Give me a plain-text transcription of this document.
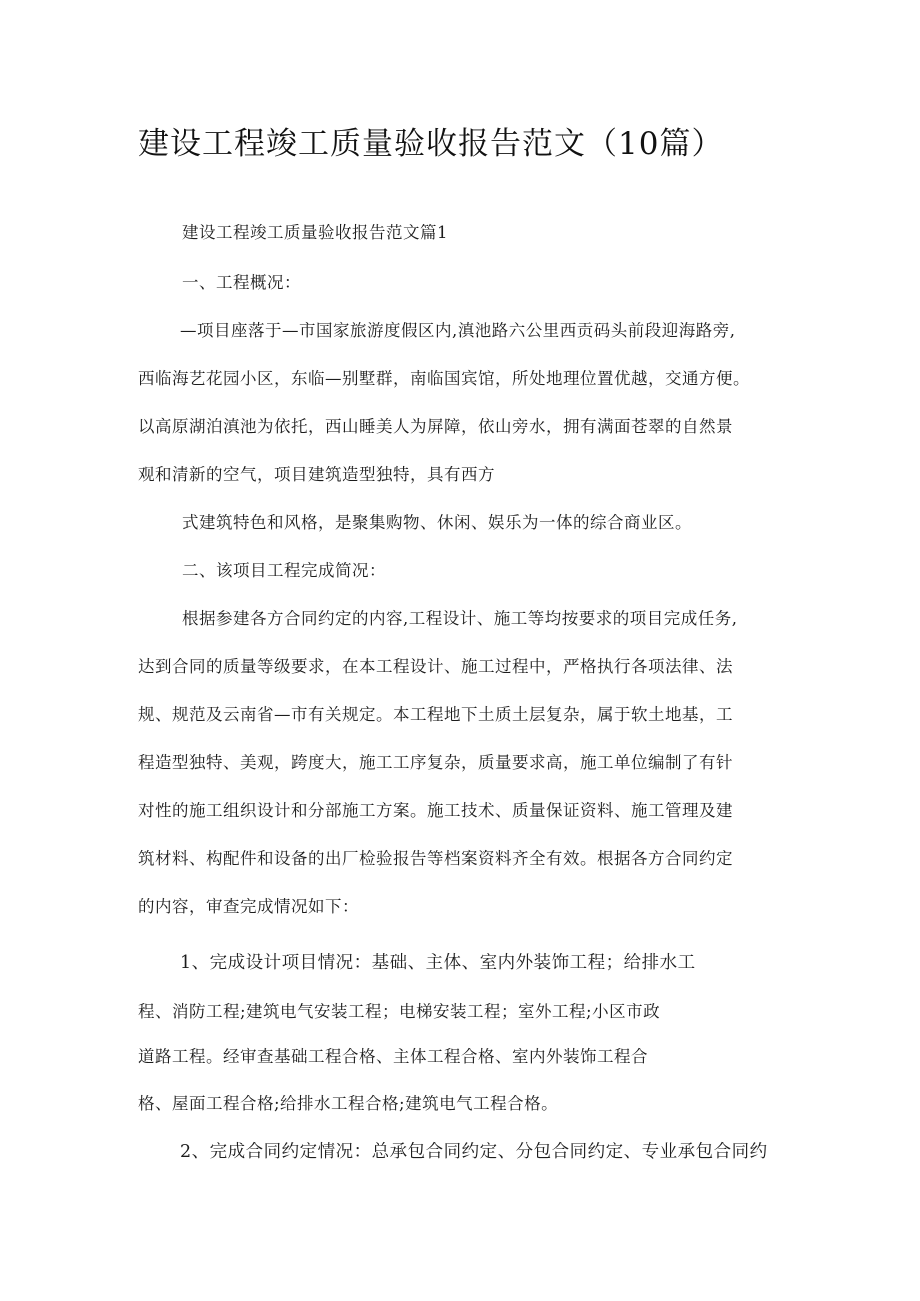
建设工程竣工质量验收报告范文（10篇）
建设工程竣工质量验收报告范文篇1
一、工程概况：
—项目座落于—市国家旅游度假区内,滇池路六公里西贡码头前段迎海路旁,
西临海艺花园小区，东临—别墅群，南临国宾馆，所处地理位置优越，交通方便。
以高原湖泊滇池为依托，西山睡美人为屏障，依山旁水，拥有满面苍翠的自然景
观和清新的空气，项目建筑造型独特，具有西方
式建筑特色和风格，是聚集购物、休闲、娱乐为一体的综合商业区。
二、该项目工程完成简况：
根据参建各方合同约定的内容,工程设计、施工等均按要求的项目完成任务,
达到合同的质量等级要求，在本工程设计、施工过程中，严格执行各项法律、法
规、规范及云南省—市有关规定。本工程地下土质土层复杂，属于软土地基，工
程造型独特、美观，跨度大，施工工序复杂，质量要求高，施工单位编制了有针
对性的施工组织设计和分部施工方案。施工技术、质量保证资料、施工管理及建
筑材料、构配件和设备的出厂检验报告等档案资料齐全有效。根据各方合同约定
的内容，审查完成情况如下：
1、完成设计项目情况：基础、主体、室内外装饰工程；给排水工
程、消防工程;建筑电气安装工程；电梯安装工程；室外工程;小区市政
道路工程。经审查基础工程合格、主体工程合格、室内外装饰工程合
格、屋面工程合格;给排水工程合格;建筑电气工程合格。
2、完成合同约定情况：总承包合同约定、分包合同约定、专业承包合同约
